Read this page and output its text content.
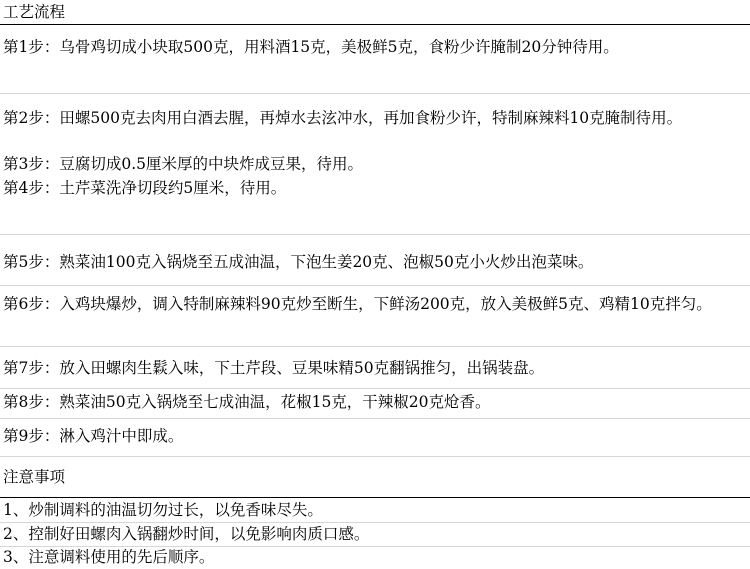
工艺流程
第1步：乌骨鸡切成小块取500克，用料酒15克，美极鲜5克，食粉少许腌制20分钟待用。
第2步：田螺500克去肉用白酒去腥，再焯水去泫冲水，再加食粉少许，特制麻辣料10克腌制待用。
第3步：豆腐切成0.5厘米厚的中块炸成豆果，待用。
第4步：土芹菜洗净切段约5厘米，待用。
第5步：熟菜油100克入锅烧至五成油温，下泡生姜20克、泡椒50克小火炒出泡菜味。
第6步：入鸡块爆炒，调入特制麻辣料90克炒至断生，下鲜汤200克，放入美极鲜5克、鸡精10克拌匀。
第7步：放入田螺肉生鬏入味，下土芹段、豆果味精50克翻锅推匀，出锅装盘。
第8步：熟菜油50克入锅烧至七成油温，花椒15克，干辣椒20克炝香。
第9步：淋入鸡汁中即成。
注意事项
1、炒制调料的油温切勿过长，以免香味尽失。
2、控制好田螺肉入锅翻炒时间，以免影响肉质口感。
3、注意调料使用的先后顺序。
